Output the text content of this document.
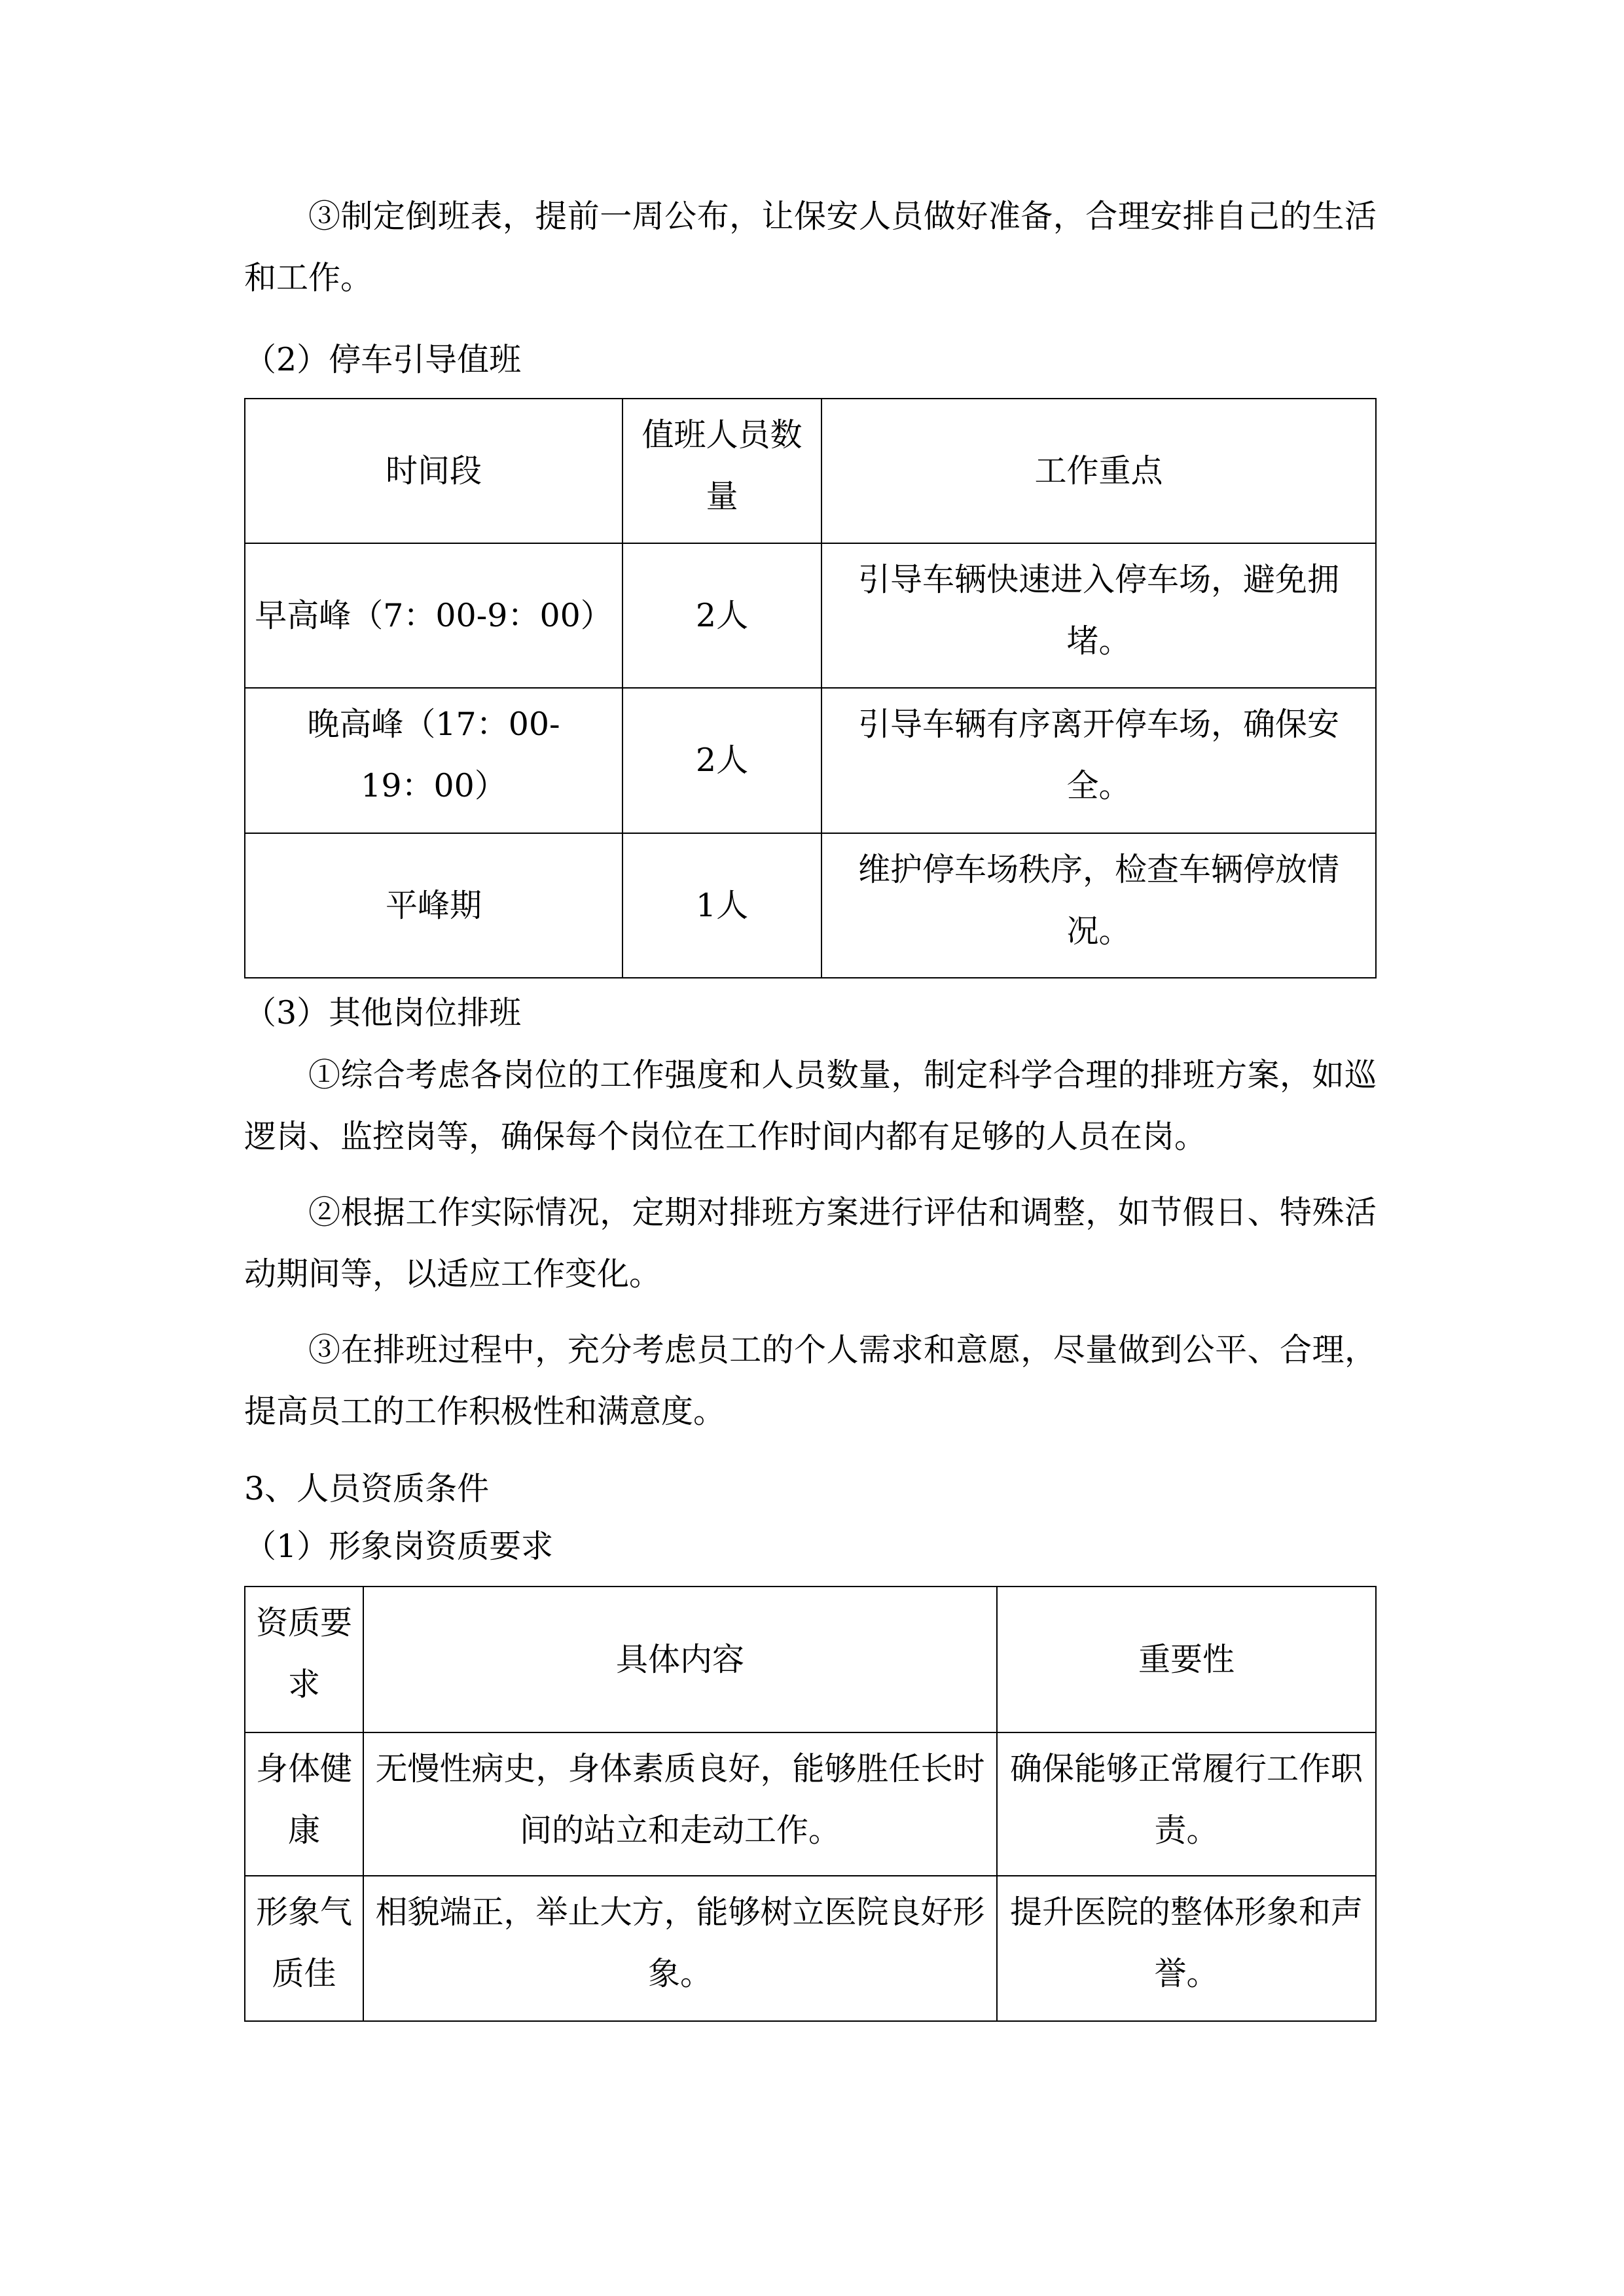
③制定倒班表，提前一周公布，让保安人员做好准备，合理安排自己的生活和工作。
（2）停车引导值班
时间段	值班人员数量	工作重点
早高峰（7：00-9：00）	2人	引导车辆快速进入停车场，避免拥堵。
晚高峰（17：00-19：00）	2人	引导车辆有序离开停车场，确保安全。
平峰期	1人	维护停车场秩序，检查车辆停放情况。
（3）其他岗位排班
①综合考虑各岗位的工作强度和人员数量，制定科学合理的排班方案，如巡逻岗、监控岗等，确保每个岗位在工作时间内都有足够的人员在岗。
②根据工作实际情况，定期对排班方案进行评估和调整，如节假日、特殊活动期间等，以适应工作变化。
③在排班过程中，充分考虑员工的个人需求和意愿，尽量做到公平、合理，提高员工的工作积极性和满意度。
3、人员资质条件
（1）形象岗资质要求
资质要求	具体内容	重要性
身体健康	无慢性病史，身体素质良好，能够胜任长时间的站立和走动工作。	确保能够正常履行工作职责。
形象气质佳	相貌端正，举止大方，能够树立医院良好形象。	提升医院的整体形象和声誉。
